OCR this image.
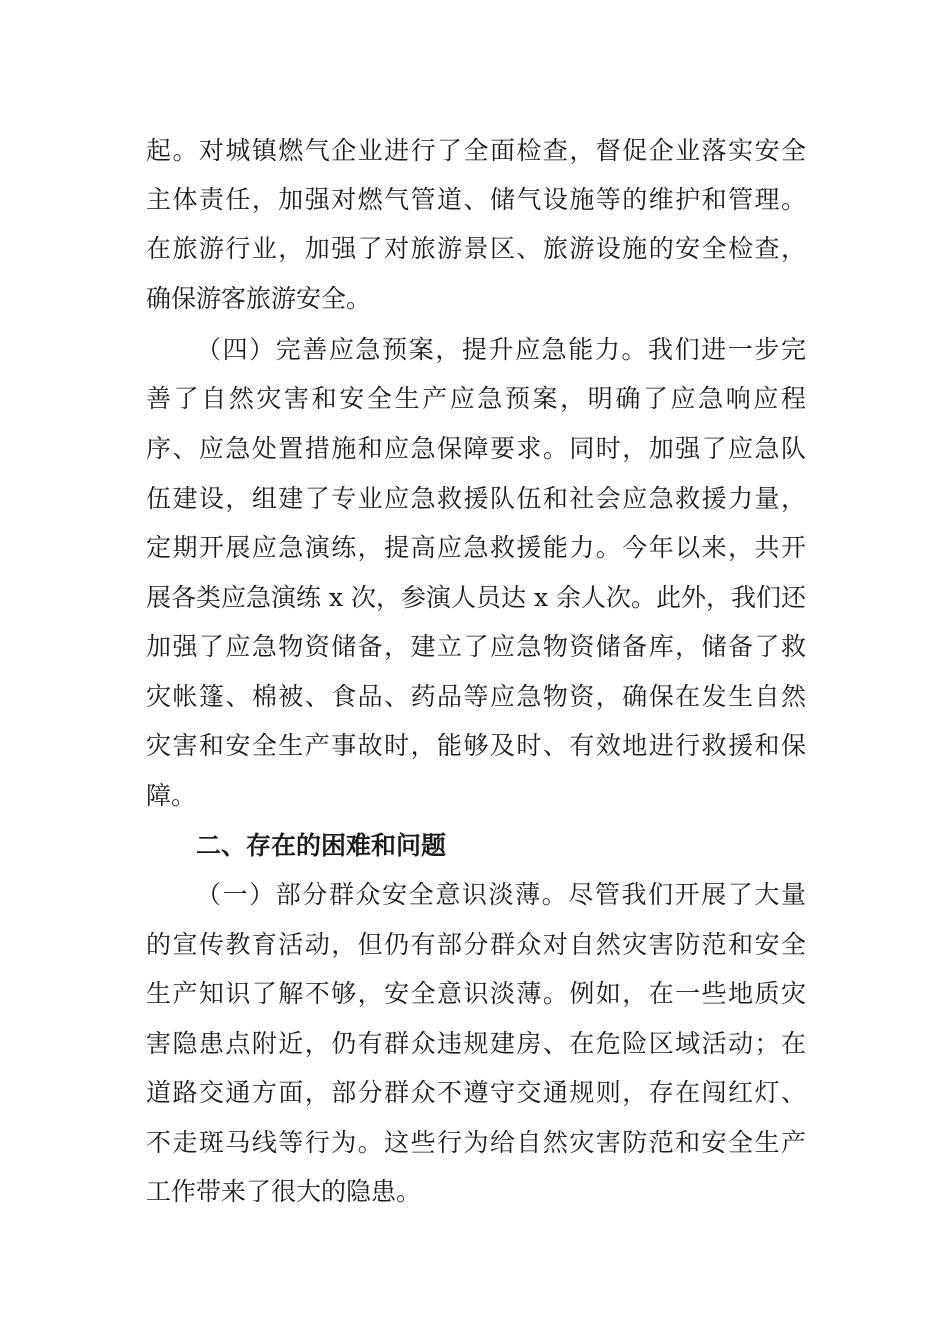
起。对城镇燃气企业进行了全面检查，督促企业落实安全
主体责任，加强对燃气管道、储气设施等的维护和管理。
在旅游行业，加强了对旅游景区、旅游设施的安全检查，
确保游客旅游安全。
（四）完善应急预案，提升应急能力。我们进一步完
善了自然灾害和安全生产应急预案，明确了应急响应程
序、应急处置措施和应急保障要求。同时，加强了应急队
伍建设，组建了专业应急救援队伍和社会应急救援力量，
定期开展应急演练，提高应急救援能力。今年以来，共开
展各类应急演练 x 次，参演人员达 x 余人次。此外，我们还
加强了应急物资储备，建立了应急物资储备库，储备了救
灾帐篷、棉被、食品、药品等应急物资，确保在发生自然
灾害和安全生产事故时，能够及时、有效地进行救援和保
障。
二、存在的困难和问题
（一）部分群众安全意识淡薄。尽管我们开展了大量
的宣传教育活动，但仍有部分群众对自然灾害防范和安全
生产知识了解不够，安全意识淡薄。例如，在一些地质灾
害隐患点附近，仍有群众违规建房、在危险区域活动；在
道路交通方面，部分群众不遵守交通规则，存在闯红灯、
不走斑马线等行为。这些行为给自然灾害防范和安全生产
工作带来了很大的隐患。
